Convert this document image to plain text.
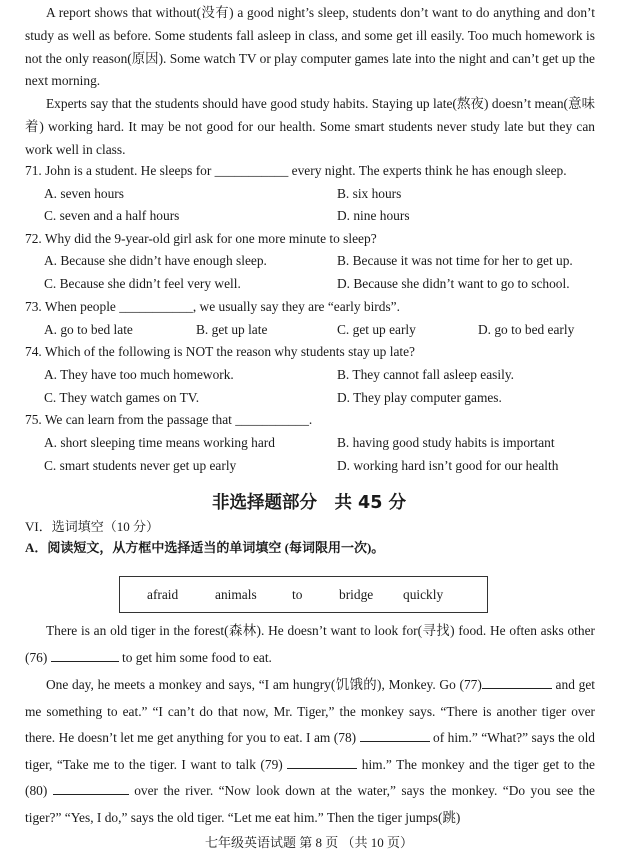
A report shows that without(没有) a good night’s sleep, students don’t want to do anything and don’t study as well as before. Some students fall asleep in class, and some get ill easily. Too much homework is not the only reason(原因). Some watch TV or play computer games late into the night and can’t get up the next morning.

Experts say that the students should have good study habits. Staying up late(熬夜) doesn’t mean(意味着) working hard. It may be not good for our health. Some smart students never study late but they can work well in class.

71. John is a student. He sleeps for ___________ every night. The experts think he has enough sleep.
A. seven hours	B. six hours
C. seven and a half hours	D. nine hours
72. Why did the 9-year-old girl ask for one more minute to sleep?
A. Because she didn’t have enough sleep.	B. Because it was not time for her to get up.
C. Because she didn’t feel very well.	D. Because she didn’t want to go to school.
73. When people ___________, we usually say they are “early birds”.
A. go to bed late	B. get up late	C. get up early	D. go to bed early
74. Which of the following is NOT the reason why students stay up late?
A. They have too much homework.	B. They cannot fall asleep easily.
C. They watch games on TV.	D. They play computer games.
75. We can learn from the passage that ___________.
A. short sleeping time means working hard	B. having good study habits is important
C. smart students never get up early	D. working hard isn’t good for our health
非选择题部分　共 45 分
VI．选词填空（10 分）
A．阅读短文，从方框中选择适当的单词填空 (每词限用一次)。
afraid	animals	to	bridge quickly

There is an old tiger in the forest(森林). He doesn’t want to look for(寻找) food. He often asks other (76)	to get him some food to eat.

One day, he meets a monkey and says, “I am hungry(饥饿的), Monkey. Go (77)	and get me something to eat.” “I can’t do that now, Mr. Tiger,” the monkey says. “There is another tiger over there. He doesn’t let me get anything for you to eat. I am (78)	of him.” “What?” says the old tiger, “Take me to the tiger. I want to talk (79)	him.” The monkey and the tiger get to the (80)	over the river. “Now look down at the water,” says the monkey. “Do you see the tiger?” “Yes, I do,” says the old tiger. “Let me eat him.” Then the tiger jumps(跳)

七年级英语试题 第 8 页 （共 10 页）
